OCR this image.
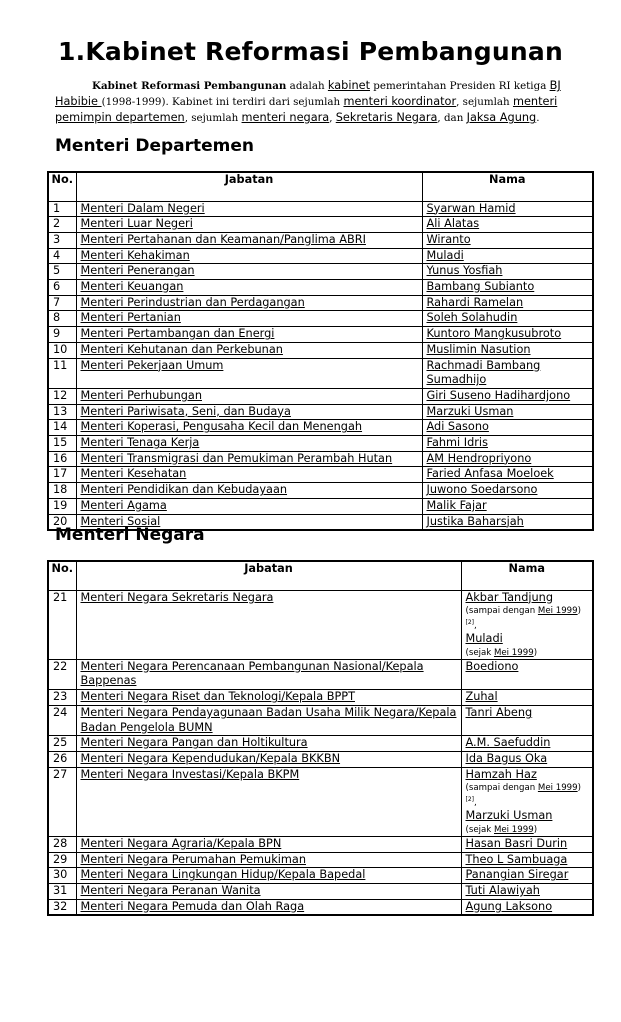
1.Kabinet Reformasi Pembangunan

Kabinet Reformasi Pembangunan adalah kabinet pemerintahan Presiden RI ketiga BJ Habibie (1998-1999). Kabinet ini terdiri dari sejumlah menteri koordinator, sejumlah menteri pemimpin departemen, sejumlah menteri negara, Sekretaris Negara, dan Jaksa Agung.

Menteri Departemen
No.	Jabatan	Nama
1	Menteri Dalam Negeri	Syarwan Hamid
2	Menteri Luar Negeri	Ali Alatas
3	Menteri Pertahanan dan Keamanan/Panglima ABRI	Wiranto
4	Menteri Kehakiman	Muladi
5	Menteri Penerangan	Yunus Yosfiah
6	Menteri Keuangan	Bambang Subianto
7	Menteri Perindustrian dan Perdagangan	Rahardi Ramelan
8	Menteri Pertanian	Soleh Solahudin
9	Menteri Pertambangan dan Energi	Kuntoro Mangkusubroto
10	Menteri Kehutanan dan Perkebunan	Muslimin Nasution
11	Menteri Pekerjaan Umum	Rachmadi Bambang Sumadhijo
12	Menteri Perhubungan	Giri Suseno Hadihardjono
13	Menteri Pariwisata, Seni, dan Budaya	Marzuki Usman
14	Menteri Koperasi, Pengusaha Kecil dan Menengah	Adi Sasono
15	Menteri Tenaga Kerja	Fahmi Idris
16	Menteri Transmigrasi dan Pemukiman Perambah Hutan	AM Hendropriyono
17	Menteri Kesehatan	Faried Anfasa Moeloek
18	Menteri Pendidikan dan Kebudayaan	Juwono Soedarsono
19	Menteri Agama	Malik Fajar
20	Menteri Sosial	Justika Baharsjah
Menteri Negara
No.	Jabatan	Nama
21	Menteri Negara Sekretaris Negara	Akbar Tandjung
(sampai dengan Mei 1999)[2],
Muladi
(sejak Mei 1999)

22	Menteri Negara Perencanaan Pembangunan Nasional/Kepala Bappenas	Boediono
23	Menteri Negara Riset dan Teknologi/Kepala BPPT	Zuhal
24	Menteri Negara Pendayagunaan Badan Usaha Milik Negara/Kepala Badan Pengelola BUMN	Tanri Abeng
25	Menteri Negara Pangan dan Holtikultura	A.M. Saefuddin
26	Menteri Negara Kependudukan/Kepala BKKBN	Ida Bagus Oka
27	Menteri Negara Investasi/Kepala BKPM	Hamzah Haz
(sampai dengan Mei 1999)[2],
Marzuki Usman
(sejak Mei 1999)

28	Menteri Negara Agraria/Kepala BPN	Hasan Basri Durin
29	Menteri Negara Perumahan Pemukiman	Theo L Sambuaga
30	Menteri Negara Lingkungan Hidup/Kepala Bapedal	Panangian Siregar
31	Menteri Negara Peranan Wanita	Tuti Alawiyah
32	Menteri Negara Pemuda dan Olah Raga	Agung Laksono
